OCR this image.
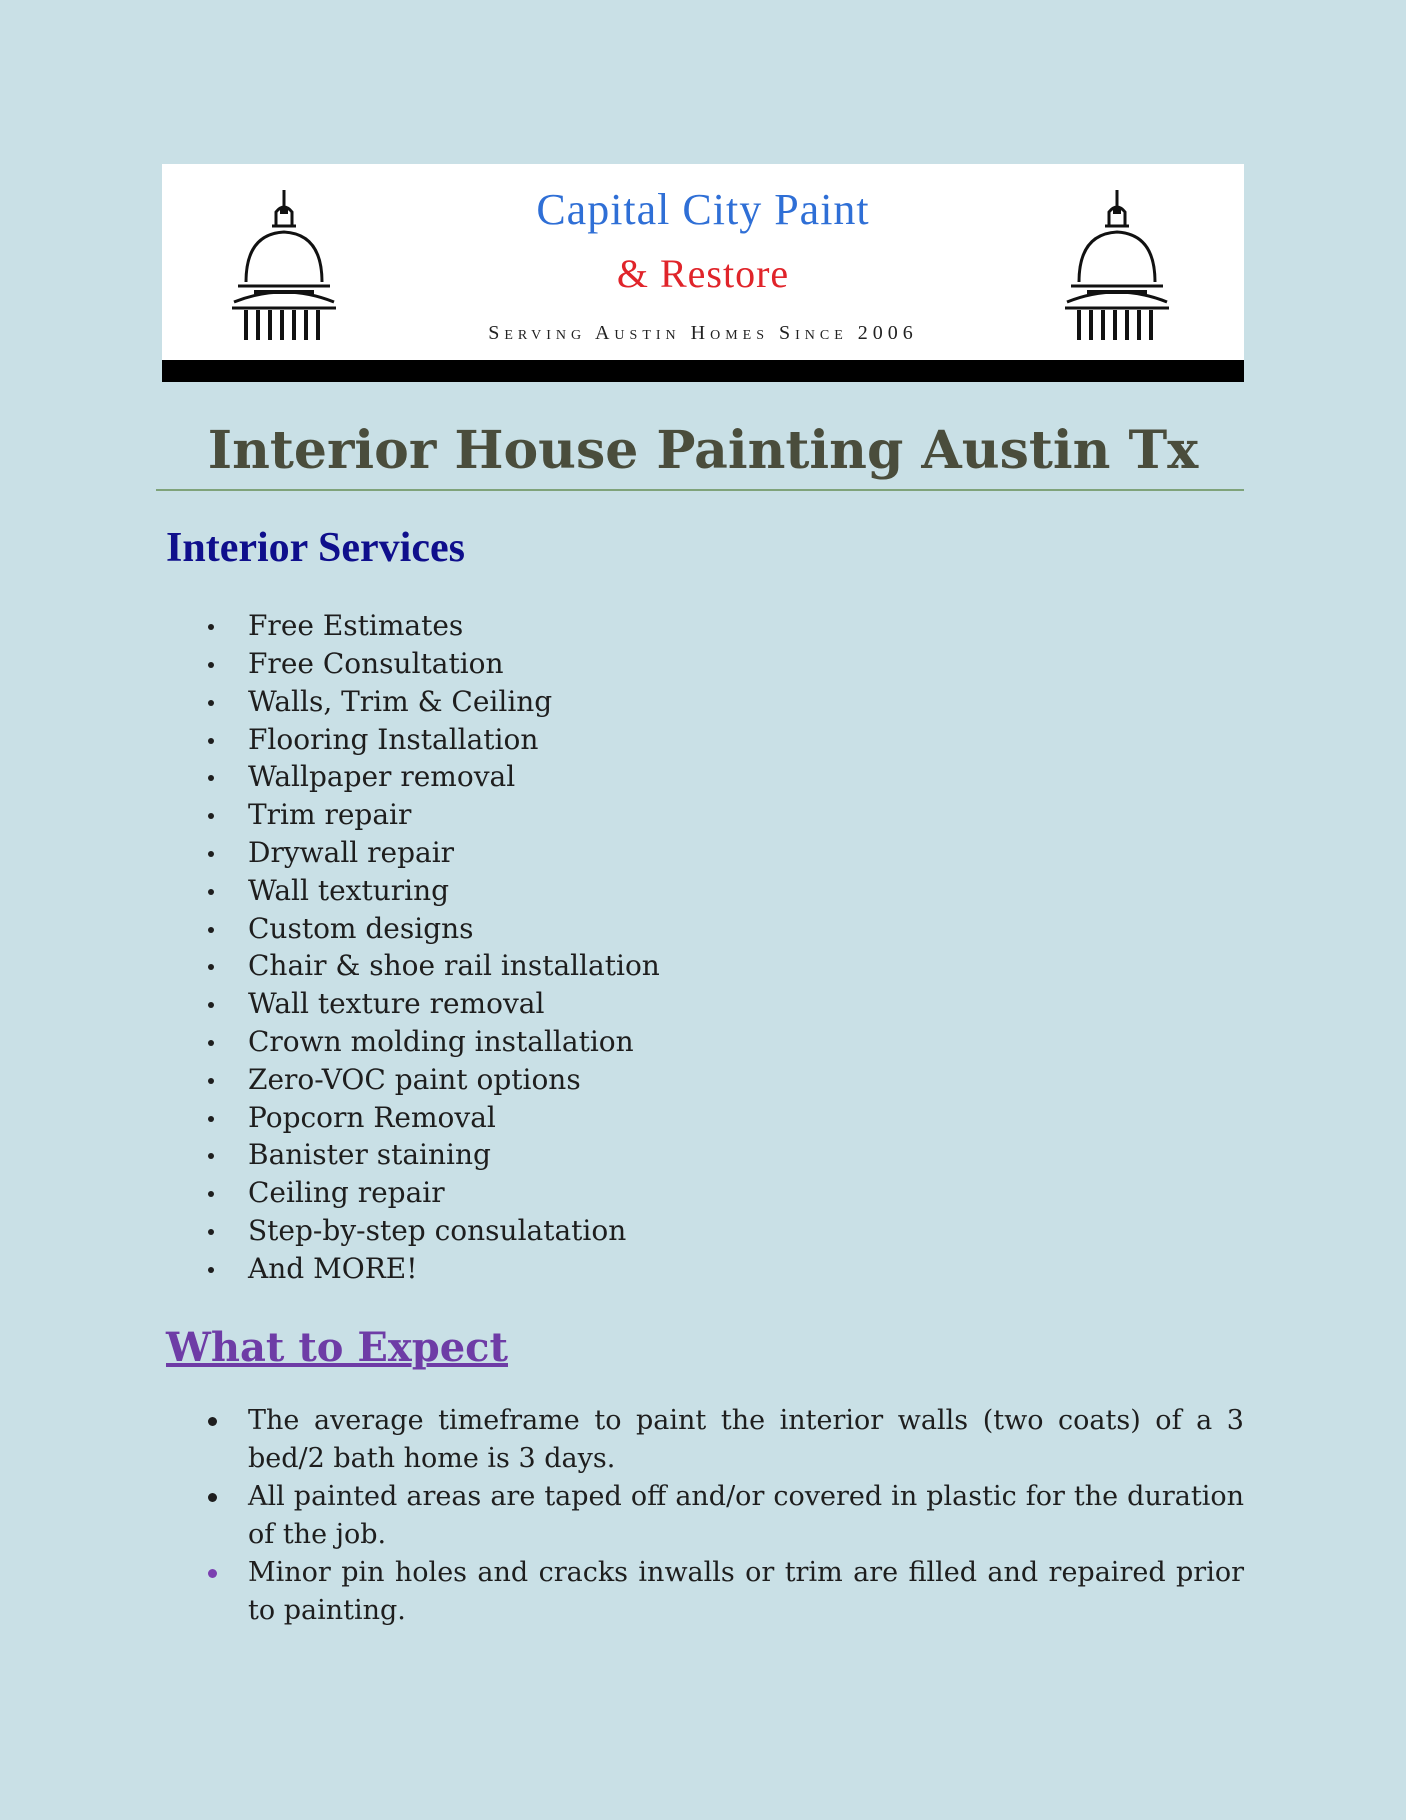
Capital City Paint
& Restore
Serving Austin Homes Since 2006
Interior House Painting Austin Tx
Interior Services
Free Estimates
Free Consultation
Walls, Trim & Ceiling
Flooring Installation
Wallpaper removal
Trim repair
Drywall repair
Wall texturing
Custom designs
Chair & shoe rail installation
Wall texture removal
Crown molding installation
Zero-VOC paint options
Popcorn Removal
Banister staining
Ceiling repair
Step-by-step consulatation
And MORE!
What to Expect
The average timeframe to paint the interior walls (two coats) of a 3 bed/2 bath home is 3 days.
All painted areas are taped off and/or covered in plastic for the duration of the job.
Minor pin holes and cracks inwalls or trim are filled and repaired prior to painting.
